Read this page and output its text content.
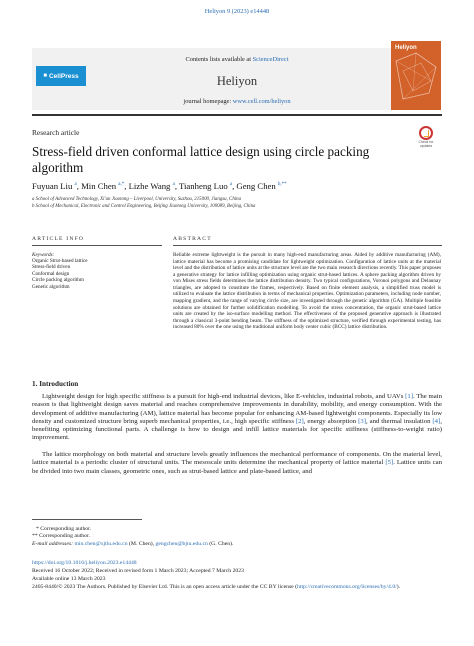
Heliyon 9 (2023) e14448
■ CellPress
Contents lists available at ScienceDirect
Heliyon
journal homepage: www.cell.com/heliyon
Heliyon
Research article
Check for updates
Stress-field driven conformal lattice design using circle packing algorithm
Fuyuan Liu $^a$, Min Chen $^{a,*}$, Lizhe Wang $^a$, Tianheng Luo $^a$, Geng Chen $^{b,**}$
a School of Advanced Technology, Xi'an Jiaotong – Liverpool, University, Suzhou, 215000, Jiangsu, China
b School of Mechanical, Electronic and Control Engineering, Beijing Jiaotong University, 100089, Beijing, China
ARTICLE INFO
Keywords:
Organic Strut-based lattice
Stress-field driven
Conformal design
Circle packing algorithm
Genetic algorithm
ABSTRACT
Reliable extreme lightweight is the pursuit in many high-end manufacturing areas. Aided by additive manufacturing (AM), lattice material has become a promising candidate for lightweight optimization. Configuration of lattice units at the material level and the distribution of lattice units at the structure level are the two main research directions recently. This paper proposes a generative strategy for lattice infilling optimization using organic strut-based lattices. A sphere packing algorithm driven by von Mises stress fields determines the lattice distribution density. Two typical configurations, Voronoi polygons and Delaunay triangles, are adopted to constitute the frames, respectively. Based on finite element analysis, a simplified truss model is utilized to evaluate the lattice distribution in terms of mechanical properties. Optimization parameters, including node number, mapping gradient, and the range of varying circle size, are investigated through the genetic algorithm (GA). Multiple feasible solutions are obtained for further solidification modelling. To avoid the stress concentration, the organic strut-based lattice units are created by the iso-surface modelling method. The effectiveness of the proposed generative approach is illustrated through a classical 3-point bending beam. The stiffness of the optimized structure, verified through experimental testing, has increased 80% over the one using the traditional uniform body center cubic (BCC) lattice distribution.
1. Introduction

Lightweight design for high specific stiffness is a pursuit for high-end industrial devices, like E-vehicles, industrial robots, and UAVs [1]. The main reason is that lightweight design saves material and reaches comprehensive improvements in durability, mobility, and energy consumption. With the development of additive manufacturing (AM), lattice material has become popular for enhancing AM-based lightweight components. Especially its low density and customized structure bring superb mechanical properties, i.e., high specific stiffness [2], energy absorption [3], and thermal insulation [4], benefiting optimizing functional parts. A challenge is how to design and infill lattice materials for specific stiffness (stiffness-to-weight ratio) improvement.

The lattice morphology on both material and structure levels greatly influences the mechanical performance of components. On the material level, lattice material is a periodic cluster of structural units. The mesoscale units determine the mechanical property of lattice material [5]. Lattice units can be divided into two main classes, geometric ones, such as strut-based lattice and plate-based lattice, and

* Corresponding author.
** Corresponding author.
E-mail addresses: min.chen@xjtlu.edu.cn (M. Chen), gengchen@bjtu.edu.cn (G. Chen).
https://doi.org/10.1016/j.heliyon.2023.e14448
Received 16 October 2022; Received in revised form 1 March 2023; Accepted 7 March 2023
Available online 13 March 2023
2405-8440/© 2023 The Authors. Published by Elsevier Ltd. This is an open access article under the CC BY license (http://creativecommons.org/licenses/by/4.0/).
